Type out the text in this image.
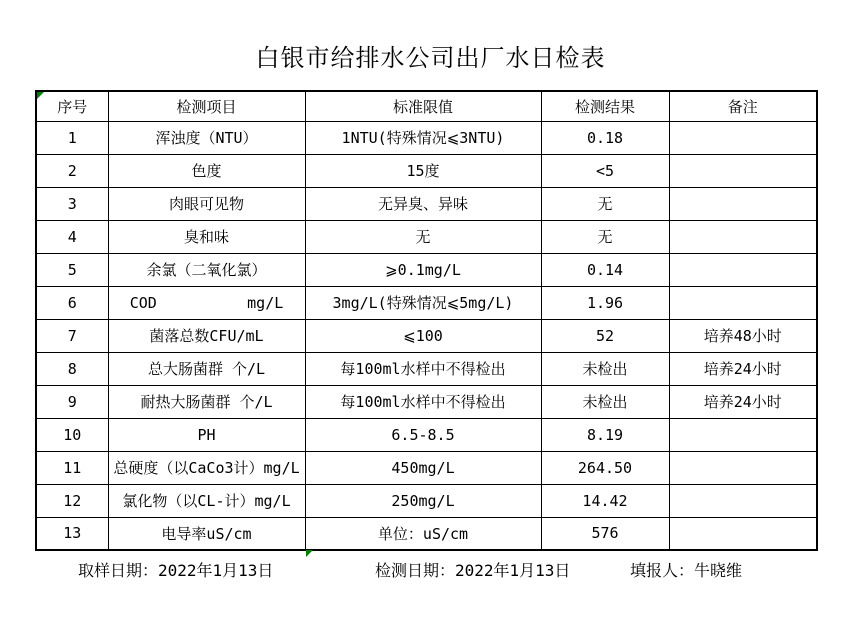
白银市给排水公司出厂水日检表
序号	检测项目	标准限值	检测结果	备注
1	浑浊度（NTU）	1NTU(特殊情况⩽3NTU)	0.18	
2	色度	15度	<5	
3	肉眼可见物	无异臭、异味	无	
4	臭和味	无	无	
5	余氯（二氧化氯）	⩾0.1mg/L	0.14	
6	COD          mg/L	3mg/L(特殊情况⩽5mg/L)	1.96	
7	菌落总数CFU/mL	⩽100	52	培养48小时
8	总大肠菌群 个/L	每100ml水样中不得检出	未检出	培养24小时
9	耐热大肠菌群 个/L	每100ml水样中不得检出	未检出	培养24小时
10	PH	6.5-8.5	8.19	
11	总硬度（以CaCo3计）mg/L	450mg/L	264.50	
12	氯化物（以CL-计）mg/L	250mg/L	14.42	
13	电导率uS/cm	单位：uS/cm	576	
取样日期：2022年1月13日	检测日期：2022年1月13日	填报人：牛晓维
